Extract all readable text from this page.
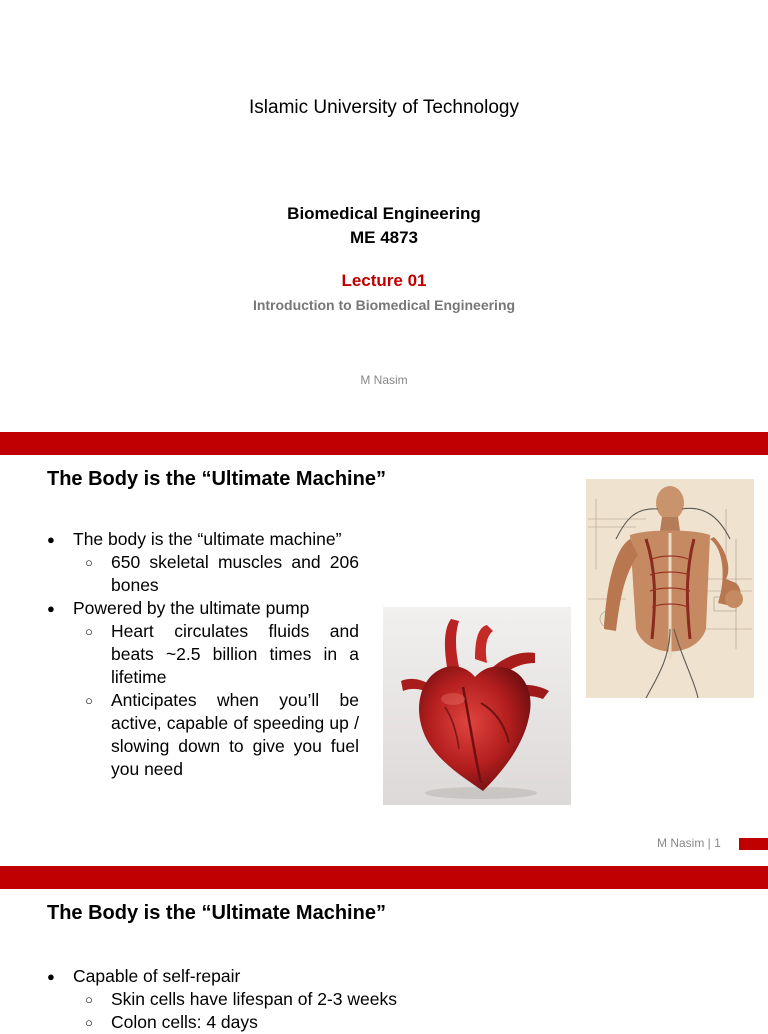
Islamic University of Technology
Biomedical Engineering
ME 4873
Lecture 01
Introduction to Biomedical Engineering
M Nasim
The Body is the “Ultimate Machine”
● The body is the “ultimate machine”
○ 650 skeletal muscles and 206 bones
● Powered by the ultimate pump
○ Heart circulates fluids and beats ~2.5 billion times in a lifetime
○ Anticipates when you’ll be active, capable of speeding up / slowing down to give you fuel you need
M Nasim | 1
The Body is the “Ultimate Machine”
● Capable of self-repair
○ Skin cells have lifespan of 2-3 weeks
○ Colon cells: 4 days
